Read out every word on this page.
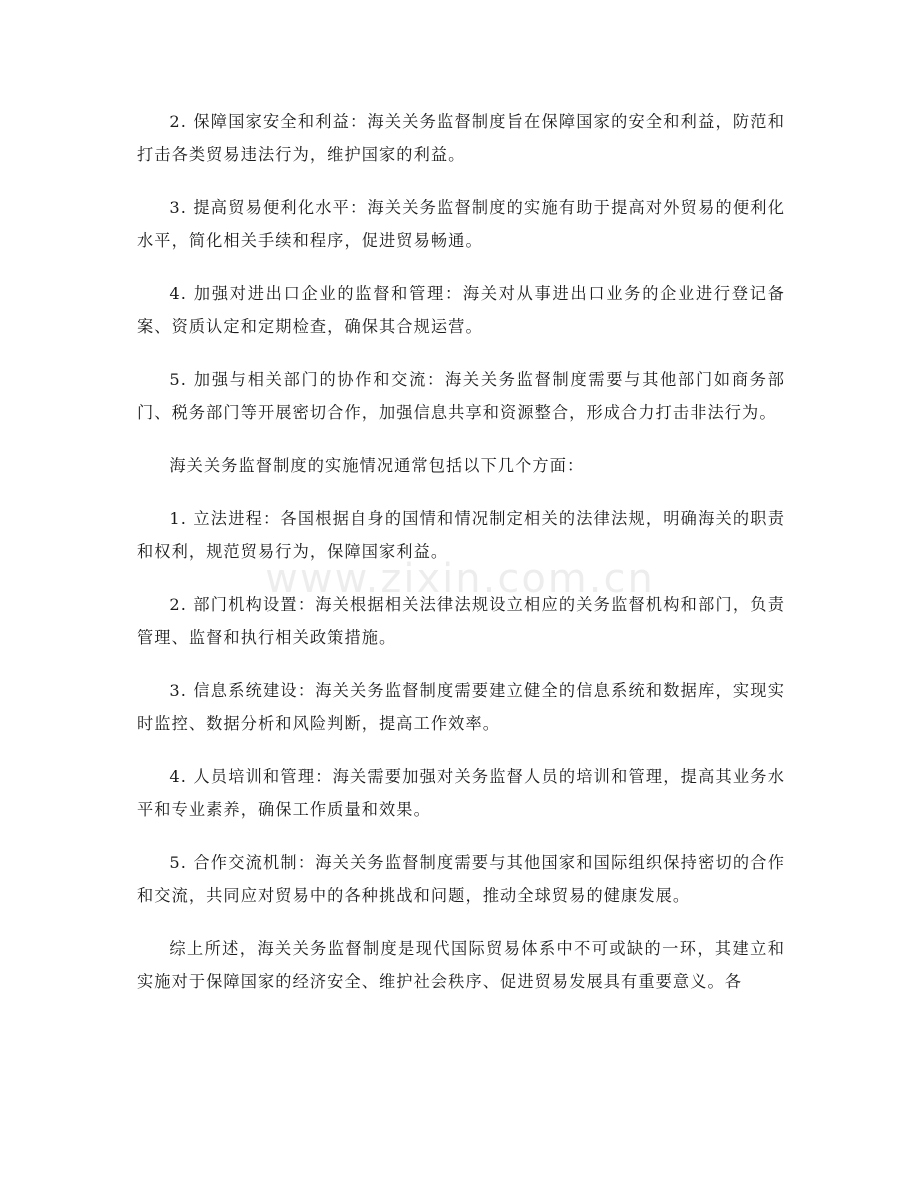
2. 保障国家安全和利益：海关关务监督制度旨在保障国家的安全和利益，防范和打击各类贸易违法行为，维护国家的利益。

3. 提高贸易便利化水平：海关关务监督制度的实施有助于提高对外贸易的便利化水平，简化相关手续和程序，促进贸易畅通。

4. 加强对进出口企业的监督和管理：海关对从事进出口业务的企业进行登记备案、资质认定和定期检查，确保其合规运营。

5. 加强与相关部门的协作和交流：海关关务监督制度需要与其他部门如商务部门、税务部门等开展密切合作，加强信息共享和资源整合，形成合力打击非法行为。

海关关务监督制度的实施情况通常包括以下几个方面：

1. 立法进程：各国根据自身的国情和情况制定相关的法律法规，明确海关的职责和权利，规范贸易行为，保障国家利益。

2. 部门机构设置：海关根据相关法律法规设立相应的关务监督机构和部门，负责管理、监督和执行相关政策措施。

3. 信息系统建设：海关关务监督制度需要建立健全的信息系统和数据库，实现实时监控、数据分析和风险判断，提高工作效率。

4. 人员培训和管理：海关需要加强对关务监督人员的培训和管理，提高其业务水平和专业素养，确保工作质量和效果。

5. 合作交流机制：海关关务监督制度需要与其他国家和国际组织保持密切的合作和交流，共同应对贸易中的各种挑战和问题，推动全球贸易的健康发展。

综上所述，海关关务监督制度是现代国际贸易体系中不可或缺的一环，其建立和实施对于保障国家的经济安全、维护社会秩序、促进贸易发展具有重要意义。各

www.zixin.com.cn
